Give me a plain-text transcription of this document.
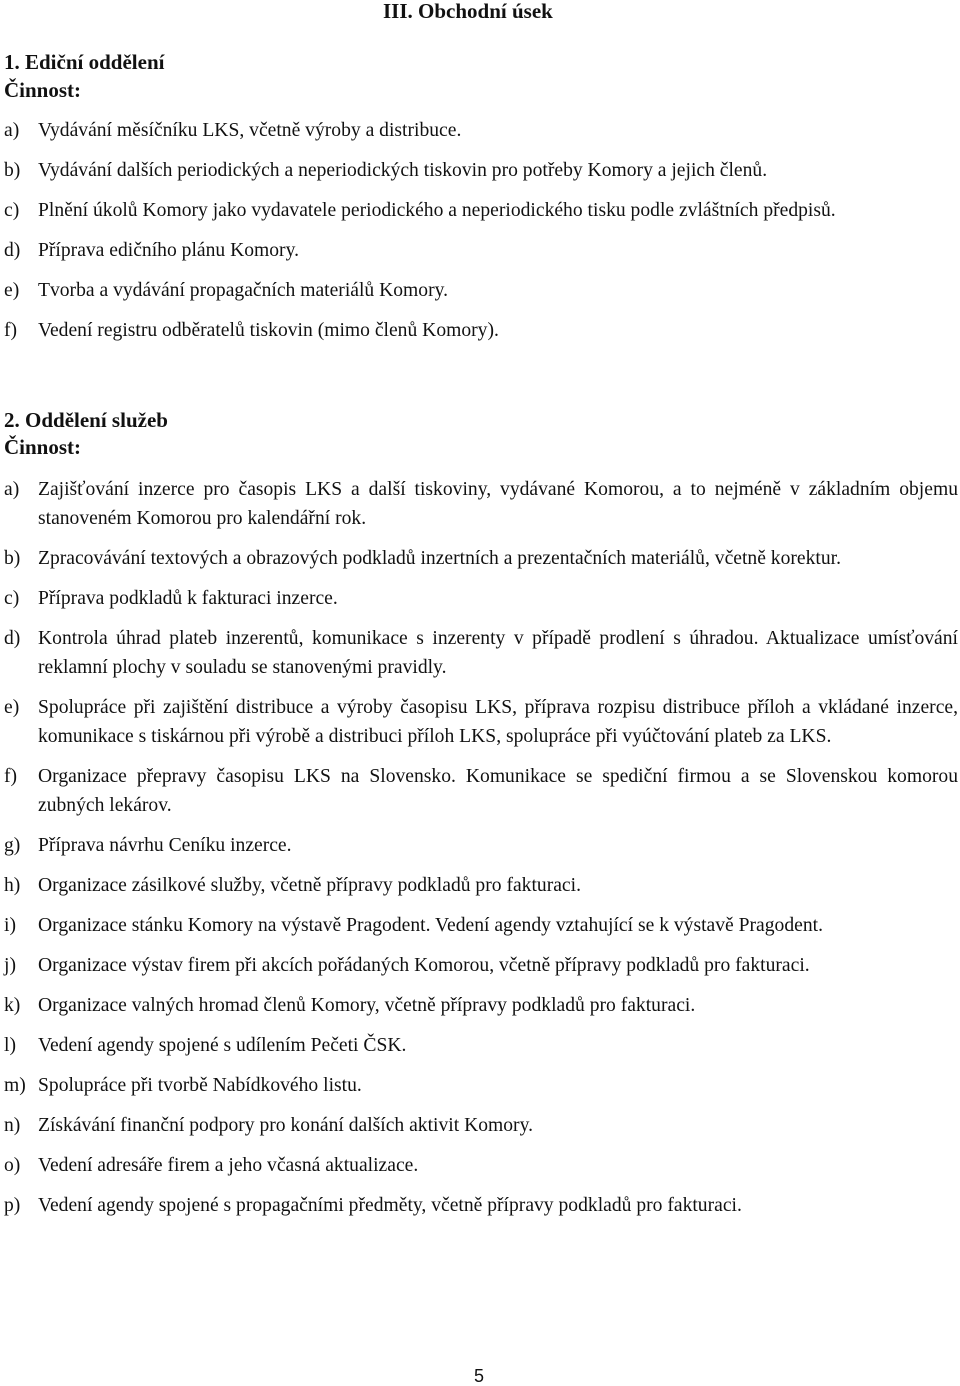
III. Obchodní úsek
1. Ediční oddělení
Činnost:
a) Vydávání měsíčníku LKS, včetně výroby a distribuce.
b) Vydávání dalších periodických a neperiodických tiskovin pro potřeby Komory a jejich členů.
c) Plnění úkolů Komory jako vydavatele periodického a neperiodického tisku podle zvláštních předpisů.
d) Příprava edičního plánu Komory.
e) Tvorba a vydávání propagačních materiálů Komory.
f)	Vedení registru odběratelů tiskovin (mimo členů Komory).
2. Oddělení služeb
Činnost:
a) Zajišťování inzerce pro časopis LKS a další tiskoviny, vydávané Komorou, a to nejméně v základním objemu stanoveném Komorou pro kalendářní rok.
b) Zpracovávání textových a obrazových podkladů inzertních a prezentačních materiálů, včetně korektur.
c) Příprava podkladů k fakturaci inzerce.
d) Kontrola úhrad plateb inzerentů, komunikace s inzerenty v případě prodlení s úhradou. Aktualizace umísťování reklamní plochy v souladu se stanovenými pravidly.
e) Spolupráce při zajištění distribuce a výroby časopisu LKS, příprava rozpisu distribuce příloh a vkládané inzerce, komunikace s tiskárnou při výrobě a distribuci příloh LKS, spolupráce při vyúčtování plateb za LKS.
f)	Organizace přepravy časopisu LKS na Slovensko. Komunikace se spediční firmou a se Slovenskou komorou zubných lekárov.
g) Příprava návrhu Ceníku inzerce.
h) Organizace zásilkové služby, včetně přípravy podkladů pro fakturaci.
i)	Organizace stánku Komory na výstavě Pragodent. Vedení agendy vztahující se k výstavě Pragodent.
j)	Organizace výstav firem při akcích pořádaných Komorou, včetně přípravy podkladů pro fakturaci.
k) Organizace valných hromad členů Komory, včetně přípravy podkladů pro fakturaci.
l)	Vedení agendy spojené s udílením Pečeti ČSK.
m) Spolupráce při tvorbě Nabídkového listu.
n) Získávání finanční podpory pro konání dalších aktivit Komory.
o) Vedení adresáře firem a jeho včasná aktualizace.
p) Vedení agendy spojené s propagačními předměty, včetně přípravy podkladů pro fakturaci.
5
